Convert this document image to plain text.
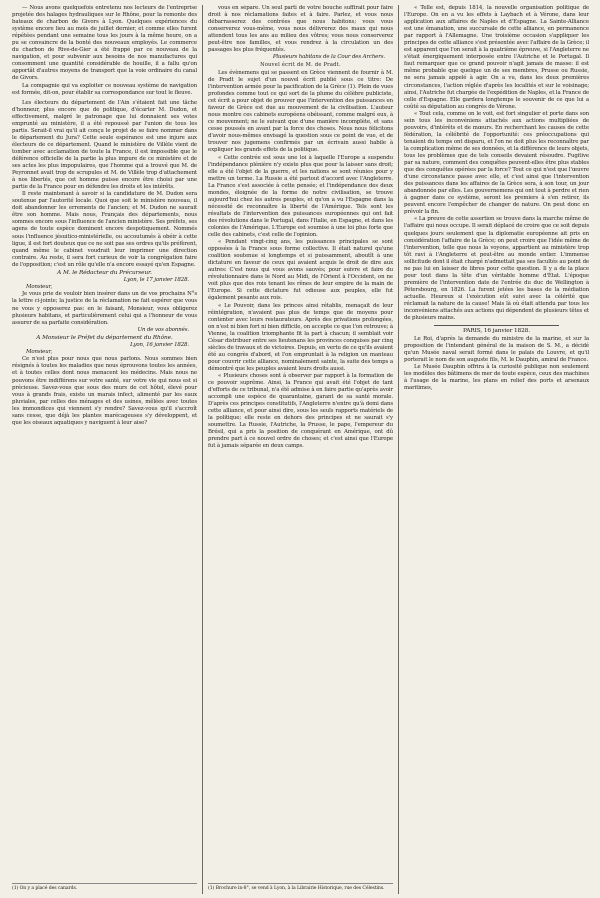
— Nous avons quelquefois entretenu nos lecteurs de l'entreprise projetée des halages hydrauliques sur le Rhône, pour la remonte des bateaux de charbon de Givors à Lyon. Quelques expériences du système encore lieu au mois de juillet dernier, et comme elles furent répétées pendant une semaine tous les jours à la même heure, on a pu se convaincre de la bonté des nouveaux employés. Le commerce du charbon de Rive-de-Gier a été frappé par ce nouveau de la navigation, et pour subvenir aux besoins de nos manufactures qui consomment une quantité considérable de houille, il a fallu qu'on apportât d'autres moyens de transport que la voie ordinaire du canal de Givors.

La compagnie qui va exploiter ce nouveau système de navigation est formée, dit-on, pour établir sa correspondance sur tout le fleuve.

Les électeurs du département de l'Ain s'étaient fait une tâche d'honneur, plus encore que de politique, d'écarter M. Dudon, et effectivement, malgré le patronage que lui donnaient ses votes emprunté au ministère, il a été repoussé par l'union de tous les partis. Serait-il vrai qu'il ait conçu le projet de se faire nommer dans le département du Jura? Cette seule espérance est une injure aux électeurs de ce département. Quand le ministère de Villèle vient de tomber avec acclamation de toute la France, il est impossible que le déférence officielle de la partie la plus impure de ce ministère et de ses actes les plus impopulaires, que l'homme qui a trouvé que M. de Peyronnet avait trop de scrupules et M. de Villèle trop d'attachement à nos libertés, que cet homme puisse encore être choisi par une partie de la France pour en défendre les droits et les intérêts.

Il reste maintenant à savoir si la candidature de M. Dudon sera soutenue par l'autorité locale. Quoi que soit le ministère nouveau, il doit abandonner les errements de l'ancien; et M. Dudon ne saurait être son homme. Mais nous, Français des départements, nous sommes encore sous l'influence de l'ancien ministère. Ses préfets, ses agens de toute espèce dominent encore despotiquement. Nommés sous l'influence jésuitico-ministérielle, ou accoutumés à obéir à cette ligue, il est fort douteux que ce ne soit pas ses ordres qu'ils préfèrent, quand même le cabinet voudrait leur imprimer une direction contraire. Au reste, il sera fort curieux de voir la congrégation faire de l'opposition; c'est un rôle qu'elle n'a encore essayé qu'en Espagne.

A M. le Rédacteur du Précurseur.

Lyon, le 17 janvier 1828.

Monsieur,

Je vous prie de vouloir bien insérer dans un de vos prochains N°s la lettre ci-jointe; la justice de la réclamation ne fait espérer que vous ne vous y opposerez pas: en le faisant, Monsieur, vous obligerez plusieurs habitans, et particulièrement celui qui a l'honneur de vous assurer de sa parfaite considération.

Un de vos abonnés.

A Monsieur le Préfet du département du Rhône.

Lyon, 16 janvier 1828.

Monsieur,

Ce n'est plus pour nous que nous parlons. Nous sommes bien résignés à toutes les maladies que nous éprouvons toutes les années, et à toutes celles dont nous menacent les médecins. Mais nous ne pouvons être indifférens sur votre santé, sur votre vie qui nous est si précieuse. Savez-vous que sous des murs de cet hôtel, élevé pour vous à grands frais, existe un marais infect, alimenté par les eaux pluviales, par celles des ménages et des usines, mêlées avec toutes les immondices qui viennent s'y rendre? Savez-vous qu'il s'accroît sans cesse, que déjà les plantes marécageuses s'y développent, et que les oiseaux aquatiques y naviguent à leur aise?

(1) On y a placé des canards.

vous en sépare. Un seul parti de votre bouche suffirait pour faire droit à nos réclamations faites et à faire. Parlez, et vous nous débarrasserez des contrées que nous habitons; vous vous conserverez vous-même, vous nous délivrerez des maux qui nous attendent tous les ans au milieu des vôtres; vous nous conserverez peut-être nos familles, et vous rendrez à la circulation un des passages les plus fréquentés.

Plusieurs habitans de la Cour des Archers.

Nouvel écrit de M. de Pradt.

Les évènemens qui se passent en Grèce viennent de fournir à M. de Pradt le sujet d'un nouvel écrit publié sous ce titre: De l'intervention armée pour la pacification de la Grèce (1). Plein de vues profondes comme tout ce qui sort de la plume du célèbre publiciste, cet écrit a pour objet de prouver que l'intervention des puissances en faveur de Grèce est due au mouvement de la civilisation. L'auteur nous montre ces cabinets européens obéissant, comme malgré eux, à ce mouvement; ne le suivant que d'une manière incomplète, et sans cesse poussés en avant par la force des choses. Nous nous félicitons d'avoir nous-mêmes envisagé la question sous ce point de vue, et de trouver nos jugemens confirmés par un écrivain aussi habile à expliquer les grands effets de la politique.

« Cette contrée est sous une loi à laquelle l'Europe a suspendu l'indépendance plénière n'y existe plus que pour la laisser sans droit; elle a été l'objet de la guerre, et les nations se sont réunies pour y mettre un terme. La Russie a été partout d'accord avec l'Angleterre. La France s'est associée à cette pensée; et l'indépendance des deux mondes, éloignée de la forme de notre civilisation, se trouve aujourd'hui chez les autres peuples, et qu'on a vu l'Espagne dans la nécessité de reconnaître la liberté de l'Amérique. Tels sont les résultats de l'intervention des puissances européennes qui ont fait des révolutions dans le Portugal, dans l'Italie, en Espagne, et dans les colonies de l'Amérique. L'Europe est soumise à une loi plus forte que celle des cabinets, c'est celle de l'opinion.

« Pendant vingt-cinq ans, les puissances principales se sont opposées à la France sous forme collective. Il était naturel qu'une coalition soutenue si longtemps et si puissamment, aboutît à une dictature en faveur de ceux qui avaient acquis le droit de dire aux autres: C'est nous qui vous avons sauvés; pour suivre et faire du révolutionnaire dans le Nord au Midi, de l'Orient à l'Occident, on ne voit plus que des rois tenant les rênes de leur empire de la main de l'Europe. Si cette dictature fut odieuse aux peuples, elle fut également pesante aux rois.

« Le Pouvoir, dans les princes ainsi rétablis, menaçait de leur réintégration, n'avaient pas plus de temps que de moyens pour contenter avec leurs restaurateurs. Après des privations prolongées, on n'est ni bien fort ni bien difficile, on accepte ce que l'on retrouve; à Vienne, la coalition triomphante fit la part à chacun; il semblait voir César distribuer entre ses lieutenans les provinces conquises par cinq siècles de travaux et de victoires. Depuis, en vertu de ce qu'ils avaient été au congrès d'abord, et l'on empruntait à la religion un manteau pour couvrir cette alliance, nominalement sainte, la suite des temps a démontré que les peuples avaient leurs droits aussi.

« Plusieurs choses sont à observer par rapport à la formation de ce pouvoir suprême. Ainsi, la France qui avait été l'objet de tant d'efforts de ce tribunal, n'a été admise à en faire partie qu'après avoir accompli une espèce de quarantaine, garant de sa santé morale. D'après ces principes constitutifs, l'Angleterre n'entre qu'à demi dans cette alliance, et pour ainsi dire, sous les seuls rapports matériels de la politique; elle reste en dehors des principes et ne saurait s'y soumettre. La Russie, l'Autriche, la Prusse, le pape, l'empereur du Brésil, qui a pris la position de conquérant en Amérique, ont dû prendre part à ce nouvel ordre de choses; et c'est ainsi que l'Europe fut à jamais séparée en deux camps.

(1) Brochure in-8°, se vend à Lyon, à la Librairie Historique, rue des Célestins.

« Telle est, depuis 1814, la nouvelle organisation politique de l'Europe. On en a vu les effets à Laybach et à Vérone, dans leur application aux affaires de Naples et d'Espagne. La Sainte-Alliance est une émanation, une succursale de cette alliance, en permanence par rapport à l'Allemagne. Une troisième occasion s'appliquer les principes de cette alliance s'est présentée avec l'affaire de la Grèce; il est apparent que l'on serait à la quatrième épreuve, si l'Angleterre ne s'était énergiquement interposée entre l'Autriche et le Portugal. Il faut remarquer que ce grand pouvoir n'agit jamais de masse: il est même probable que quelque un de ses membres, Prusse ou Russie, ne sera jamais appelé à agir. On a vu, dans les deux premières circonstances, l'action réglée d'après les localités et sur le voisinage; ainsi, l'Autriche fut chargée de l'expédition de Naples, et la France de celle d'Espagne. Elle gardera longtemps le souvenir de ce que lui a coûté sa députation au congrès de Vérone.

« Tout cela, comme on le voit, est fort singulier et porte dans son sein tous les inconvéniens attachés aux actions multipliées de pouvoirs, d'intérêts et de mœurs. En recherchant les causes de cette fédération, la célébrité de l'opportunité: ces préoccupations qui tenaient du temps ont disparu, et l'on ne doit plus les reconnaître par la complication même de ses données, et la différence de leurs objets, tous les problèmes que de tels conseils devaient résoudre. Fugitive par sa nature, comment des conquêtes peuvent-elles être plus stables que des conquêtes opérées par la force? Tout ce qui n'est que l'œuvre d'une circonstance passe avec elle, et c'est ainsi que l'intervention des puissances dans les affaires de la Grèce sera, à son tour, un jour abandonnée par elles. Les gouvernemens qui ont tout à perdre et rien à gagner dans ce système, seront les premiers à s'en retirer, ils peuvent encore l'empêcher de changer de nature. On peut donc en prévoir la fin.

« La preuve de cette assertion se trouve dans la marche même de l'affaire qui nous occupe. Il serait déplacé de croire que ce soit depuis quelques jours seulement que la diplomatie européenne ait pris en considération l'affaire de la Grèce; on peut croire que l'idée même de l'intervention, telle que nous la voyons, appartient au ministère trop tôt ravi à l'Angleterre et peut-être au monde entier. L'immense sollicitude dont il était chargé n'admettait pas ses facultés au point de ne pas lui en laisser de libres pour cette question. Il y a de la place pour tout dans la tête d'un véritable homme d'État. L'époque première de l'intervention date de l'entrée du duc de Wellington à Pétersbourg, en 1826. La furent jetées les bases de la médiation actuelle. Heureux si l'exécution eût suivi avec la célérité que réclamait la nature de la cause! Mais là où était attendu par tous les inconvéniens attachés aux actions qui dépendent de plusieurs têtes et de plusieurs mains.

PARIS, 16 janvier 1828.

Le Roi, d'après la demande du ministre de la marine, et sur la proposition de l'intendant général de la maison de S. M., a décidé qu'un Musée naval serait formé dans le palais du Louvre, et qu'il porterait le nom de son auguste fils, M. le Dauphin, amiral de France.

Le Musée Dauphin offrira à la curiosité publique non seulement les modèles des bâtimens de mer de toute espèce, ceux des machines à l'usage de la marine, les plans en relief des ports et arsenaux maritimes,
